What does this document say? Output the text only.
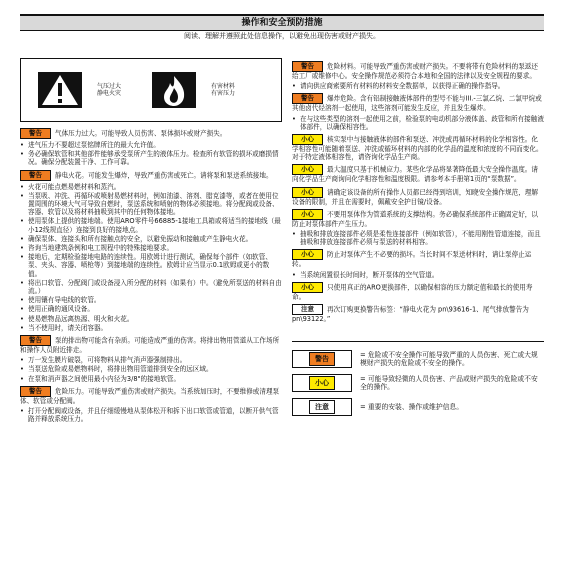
操作和安全预防措施
阅读、理解并遵照此处信息操作，以避免出现伤害或财产损失。
气压过大
静电火灾
有害材料
有害压力
警告 气体压力过大。可能导致人员伤害、泵体损坏或财产损失。
• 进气压力不要超过泵铭牌所注的最大允许值。
• 务必确保软管和其他部件能够承受泵所产生的液体压力。检查所有软管的损坏或磨损情况。确保分配装置干净、工作可靠。
警告 静电火花。可能发生爆炸，导致严重伤害或死亡。请将泵和泵送系统接地。
• 火花可能点燃易燃材料和蒸汽。
• 当泵吸、冲洗、再循环或喷射易燃材料时，例如油漆、溶剂、腊克漆等，或者在使用位置周围的环境大气可导致自燃时，泵送系统和喷射的物体必须接地。将分配阀或设备、容器、软管以及将材料抽吸到其中的任何物体接地。
• 使用泵体上提供的接地端。使用ARO零件号66885-1接地工具箱或将适当的接地线（最小12线规直径）连接到良好的接地点。
• 确保泵体、连接头和所有接触点的安全，以避免振动和接触或产生静电火花。
• 咨询当地建筑条例和电工规程中的特殊接地要求。
• 接地后，定期检验接地电路的连续性。用欧姆计进行测试，确保每个部件（如软管、泵、夹头、容器、喷枪等）到接地端的连续性。欧姆计应当显示0.1欧姆或更小的数值。
• 将出口软管、分配阀门或设备浸入所分配的材料（如果有）中。（避免所泵送的材料自由流。）
• 使用镶有导电线的软管。
• 使用正确的通风设备。
• 使易燃物品远离热源、明火和火花。
• 当不使用时，请关闭容器。
警告 泵的排出物可能含有杂质。可能造成严重的伤害。将排出物用管道从工作场所和操作人员附近排走。
• 万一发生膜片破裂，可将物料从排气消声器强制排出。
• 当泵送危险或易燃物料时，将排出物用管道排到安全的远区域。
• 在泵和消声器之间使用最小内径为3/8"的接地软管。
警告 危险压力。可能导致严重伤害或财产损失。当系统加压时，不要维修或清理泵体、软管或分配阀。
• 打开分配阀或设备，并且仔细缓慢地从泵体松开和拆下出口软管或管道，以断开供气管路并释放系统压力。
警告 危险材料。可能导致严重伤害或财产损失。不要将带有危险材料的泵返还给工厂或维修中心。安全操作规范必须符合本地和全国的法律以及安全规程的要求。
• 请向供应商索要所有材料的材料安全数据单，以获得正确的操作指导。
警告 爆炸危险。含有铝制接触液体部件的型号不能与III.-三氯乙烷、二氯甲烷或其他卤代烃溶剂一起使用，这些溶剂可能发生反应，并且发生爆炸。
• 在与这些类型的溶剂一起使用之前，检验泵的电动机部分液体盖、歧管和所有接触液体部件，以确保相容性。
小心 核实泵中与接触液体的部件和泵送、冲洗或再循环材料的化学相容性。化学相容性可能随着泵送、冲洗或循环材料的内部的化学品的温度和浓度的不同而变化。对于特定液体相容性，请咨询化学品生产商。
小心 最大温度只基于机械应力。某些化学品将显著降低最大安全操作温度。请向化学品生产商询问化学相容性和温度极限。请参考本手册第1页的“泵数据”。
小心 请确定该设备的所有操作人员都已经得到培训，知晓安全操作规范，理解设备的限制，并且在需要时，佩戴安全护目镜/设备。
小心 不要用泵体作为管道系统的支撑结构。务必确保系统部件正确固定好，以防止对泵体部件产生压力。
• 抽吸和排放连接部件必须是柔性连接部件（例如软管），不能用刚性管道连接，而且抽吸和排放连接部件必须与泵送的材料相容。
小心 防止对泵体产生不必要的损坏。当长时间不泵送材料时，请让泵停止运转。
• 当系统闲置很长时间时，断开泵体的空气管道。
小心 只使用真正的ARO更换部件，以确保相容的压力额定值和最长的使用寿命。
注意 再次订购更换警告标签：“静电火花为 pn\93616-1、尾气排放警告为 pn\93122。”
警告	= 危险或不安全操作可能导致严重的人员伤害、死亡或大规模财产损失的危险或不安全的操作。
小心	= 可能导致轻微的人员伤害、产品或财产损失的危险或不安全的操作。
注意	= 重要的安装、操作或维护信息。
